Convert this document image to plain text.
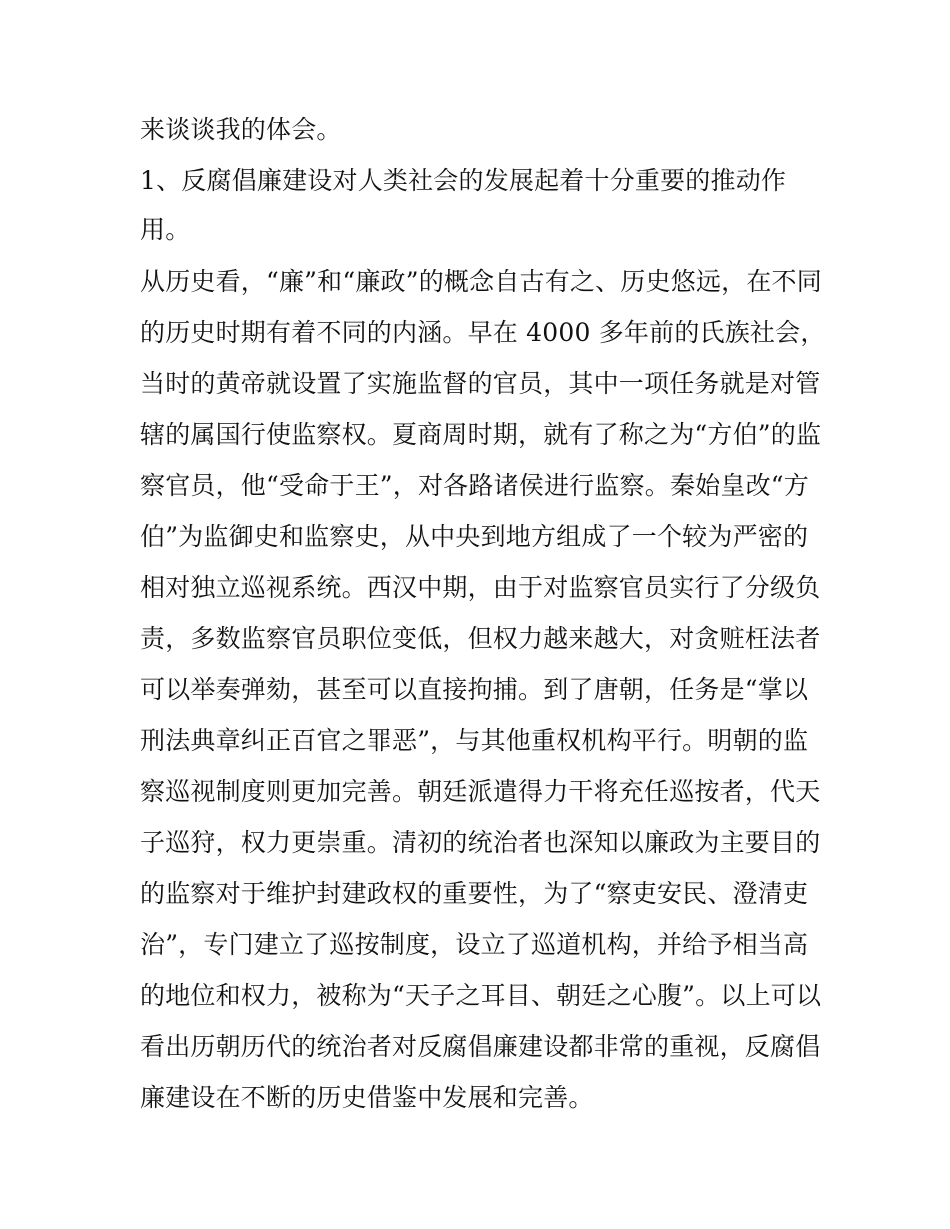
来谈谈我的体会。
1、反腐倡廉建设对人类社会的发展起着十分重要的推动作
用。
从历史看，“廉”和“廉政”的概念自古有之、历史悠远，在不同
的历史时期有着不同的内涵。早在 4000 多年前的氏族社会，
当时的黄帝就设置了实施监督的官员，其中一项任务就是对管
辖的属国行使监察权。夏商周时期，就有了称之为“方伯”的监
察官员，他“受命于王”，对各路诸侯进行监察。秦始皇改“方
伯”为监御史和监察史，从中央到地方组成了一个较为严密的
相对独立巡视系统。西汉中期，由于对监察官员实行了分级负
责，多数监察官员职位变低，但权力越来越大，对贪赃枉法者
可以举奏弹劾，甚至可以直接拘捕。到了唐朝，任务是“掌以
刑法典章纠正百官之罪恶”，与其他重权机构平行。明朝的监
察巡视制度则更加完善。朝廷派遣得力干将充任巡按者，代天
子巡狩，权力更崇重。清初的统治者也深知以廉政为主要目的
的监察对于维护封建政权的重要性，为了“察吏安民、澄清吏
治”，专门建立了巡按制度，设立了巡道机构，并给予相当高
的地位和权力，被称为“天子之耳目、朝廷之心腹”。以上可以
看出历朝历代的统治者对反腐倡廉建设都非常的重视，反腐倡
廉建设在不断的历史借鉴中发展和完善。
